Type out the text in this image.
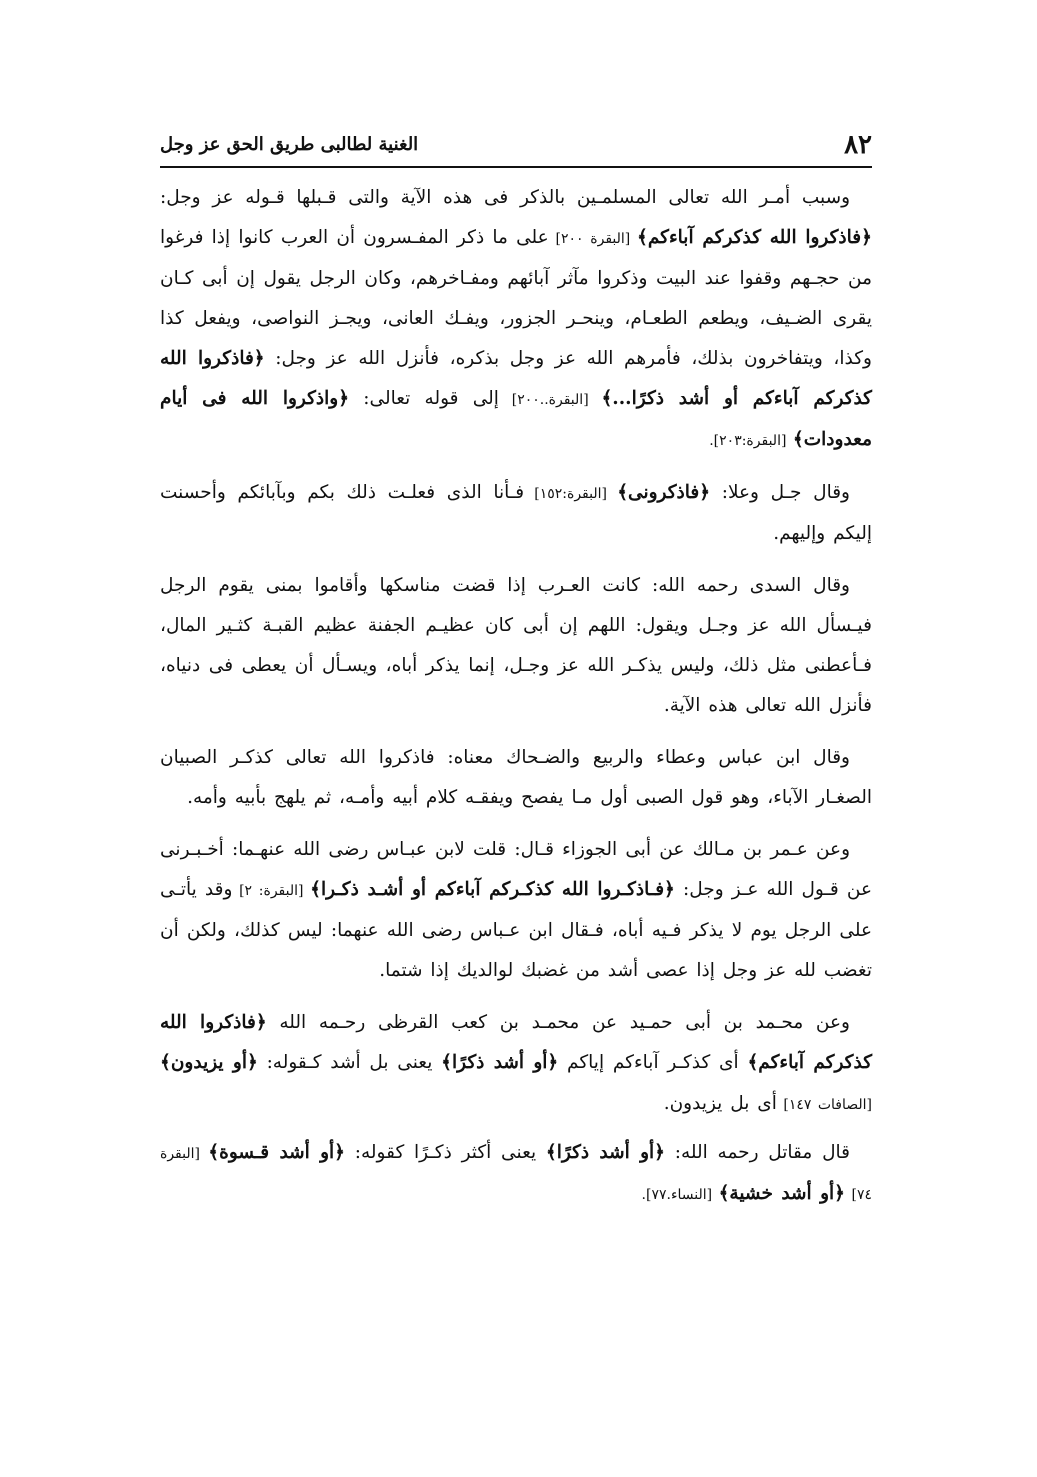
٨٢
الغنية لطالبى طريق الحق عز وجل

وسبب أمـر الله تعالى المسلمـين بالذكر فى هذه الآية والتى قـبلها قـوله عز وجل: ﴿فاذكروا الله كذكركم آباءكم﴾ [البقرة ٢٠٠] على ما ذكر المفـسرون أن العرب كانوا إذا فرغوا من حجـهم وقفوا عند البيت وذكروا مآثر آبائهم ومفـاخرهم، وكان الرجل يقول إن أبى كـان يقرى الضـيف، ويطعم الطعـام، وينحـر الجزور، ويفـك العانى، ويجـز النواصى، ويفعل كذا وكذا، ويتفاخرون بذلك، فأمرهم الله عز وجل بذكره، فأنزل الله عز وجل: ﴿فاذكروا الله كذكركم آباءكم أو أشد ذكرًا...﴾ [البقرة..٢٠٠] إلى قوله تعالى: ﴿واذكروا الله فى أيام معدودات﴾ [البقرة:٢٠٣].

وقال جـل وعلا: ﴿فاذكرونى﴾ [البقرة:١٥٢] فـأنا الذى فعلـت ذلك بكم وبآبائكم وأحسنت إليكم وإليهم.

وقال السدى رحمه الله: كانت العـرب إذا قضت مناسكها وأقاموا بمنى يقوم الرجل فيـسأل الله عز وجـل ويقول: اللهم إن أبى كان عظيـم الجفنة عظيم القبـة كثـير المال، فـأعطنى مثل ذلك، وليس يذكـر الله عز وجـل، إنما يذكر أباه، ويسـأل أن يعطى فى دنياه، فأنزل الله تعالى هذه الآية.

وقال ابن عباس وعطاء والربيع والضـحاك معناه: فاذكروا الله تعالى كذكـر الصبيان الصغـار الآباء، وهو قول الصبى أول مـا يفصح ويفقـه كلام أبيه وأمـه، ثم يلهج بأبيه وأمه.

وعن عـمر بن مـالك عن أبى الجوزاء قـال: قلت لابن عبـاس رضى الله عنهـما: أخـبـرنى عن قـول الله عـز وجل: ﴿فـاذكـروا الله كذكـركم آباءكم أو أشـد ذكـرا﴾ [البقرة: ٢] وقد يأتـى على الرجل يوم لا يذكر فـيه أباه، فـقال ابن عـباس رضى الله عنهما: ليس كذلك، ولكن أن تغضب لله عز وجل إذا عصى أشد من غضبك لوالديك إذا شتما.

وعن محـمد بن أبى حمـيد عن محمـد بن كعب القرظى رحـمه الله ﴿فاذكروا الله كذكركم آباءكم﴾ أى كذكـر آباءكم إياكم ﴿أو أشد ذكرًا﴾ يعنى بل أشد كـقوله: ﴿أو يزيدون﴾ [الصافات ١٤٧] أى بل يزيدون.

قال مقاتل رحمه الله: ﴿أو أشد ذكرًا﴾ يعنى أكثر ذكـرًا كقوله: ﴿أو أشد قـسوة﴾ [البقرة ٧٤] ﴿أو أشد خشية﴾ [النساء.٧٧].
